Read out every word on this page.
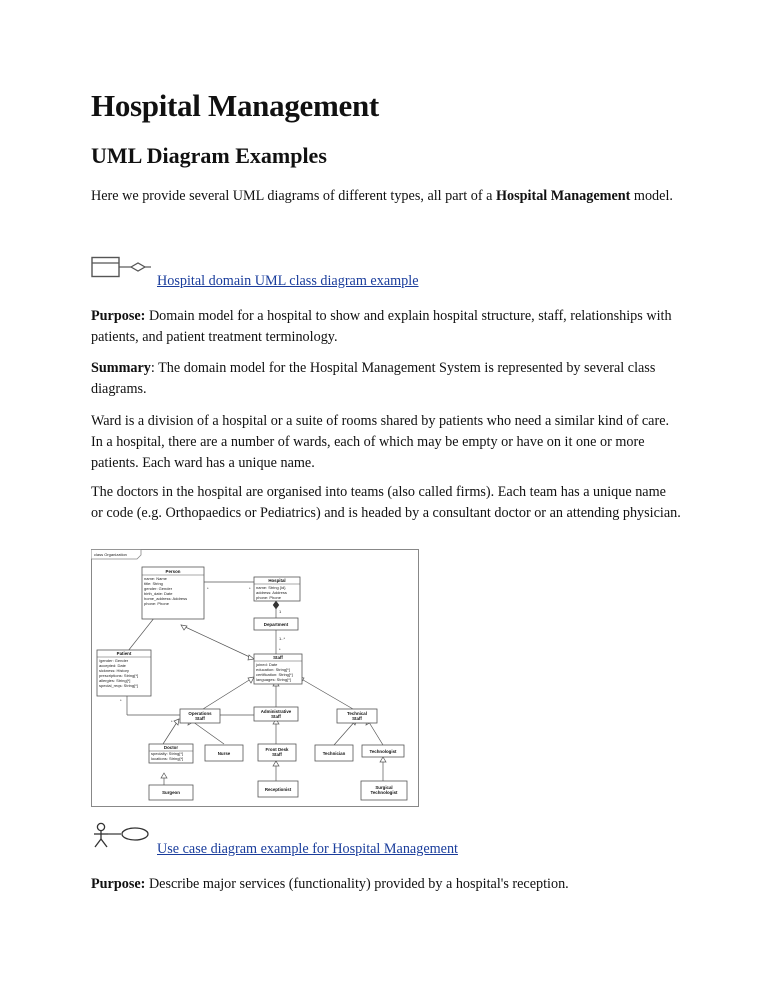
Hospital Management
UML Diagram Examples

Here we provide several UML diagrams of different types, all part of a Hospital Management model.

Hospital domain UML class diagram example

Purpose: Domain model for a hospital to show and explain hospital structure, staff, relationships with patients, and patient treatment terminology.

Summary: The domain model for the Hospital Management System is represented by several class diagrams.

Ward is a division of a hospital or a suite of rooms shared by patients who need a similar kind of care. In a hospital, there are a number of wards, each of which may be empty or have on it one or more patients. Each ward has a unique name.

The doctors in the hospital are organised into teams (also called firms). Each team has a unique name or code (e.g. Orthopaedics or Pediatrics) and is headed by a consultant doctor or an attending physician.

class Organization
*	*
1
1..*
*
*
*
Person
name: Name
title: String
gender: Gender
birth_date: Date
home_address: Address
phone: Phone
Hospital
name: String {id}
address: Address
phone: Phone
Department
Patient
/gender: Gender
accepted: Date
sickness: History
prescriptions: String[*]
allergies: String[*]
special_reqs: String[*]
Staff
joined: Date
education: String[*]
certification: String[*]
languages: String[*]
Operations Staff
Administrative Staff
Technical Staff
Doctor
specialty: String[*]
locations: String[*]
Nurse
Front Desk Staff	Technician	Technologist
Surgeon
Receptionist	Surgical Technologist
Use case diagram example for Hospital Management

Purpose: Describe major services (functionality) provided by a hospital's reception.
